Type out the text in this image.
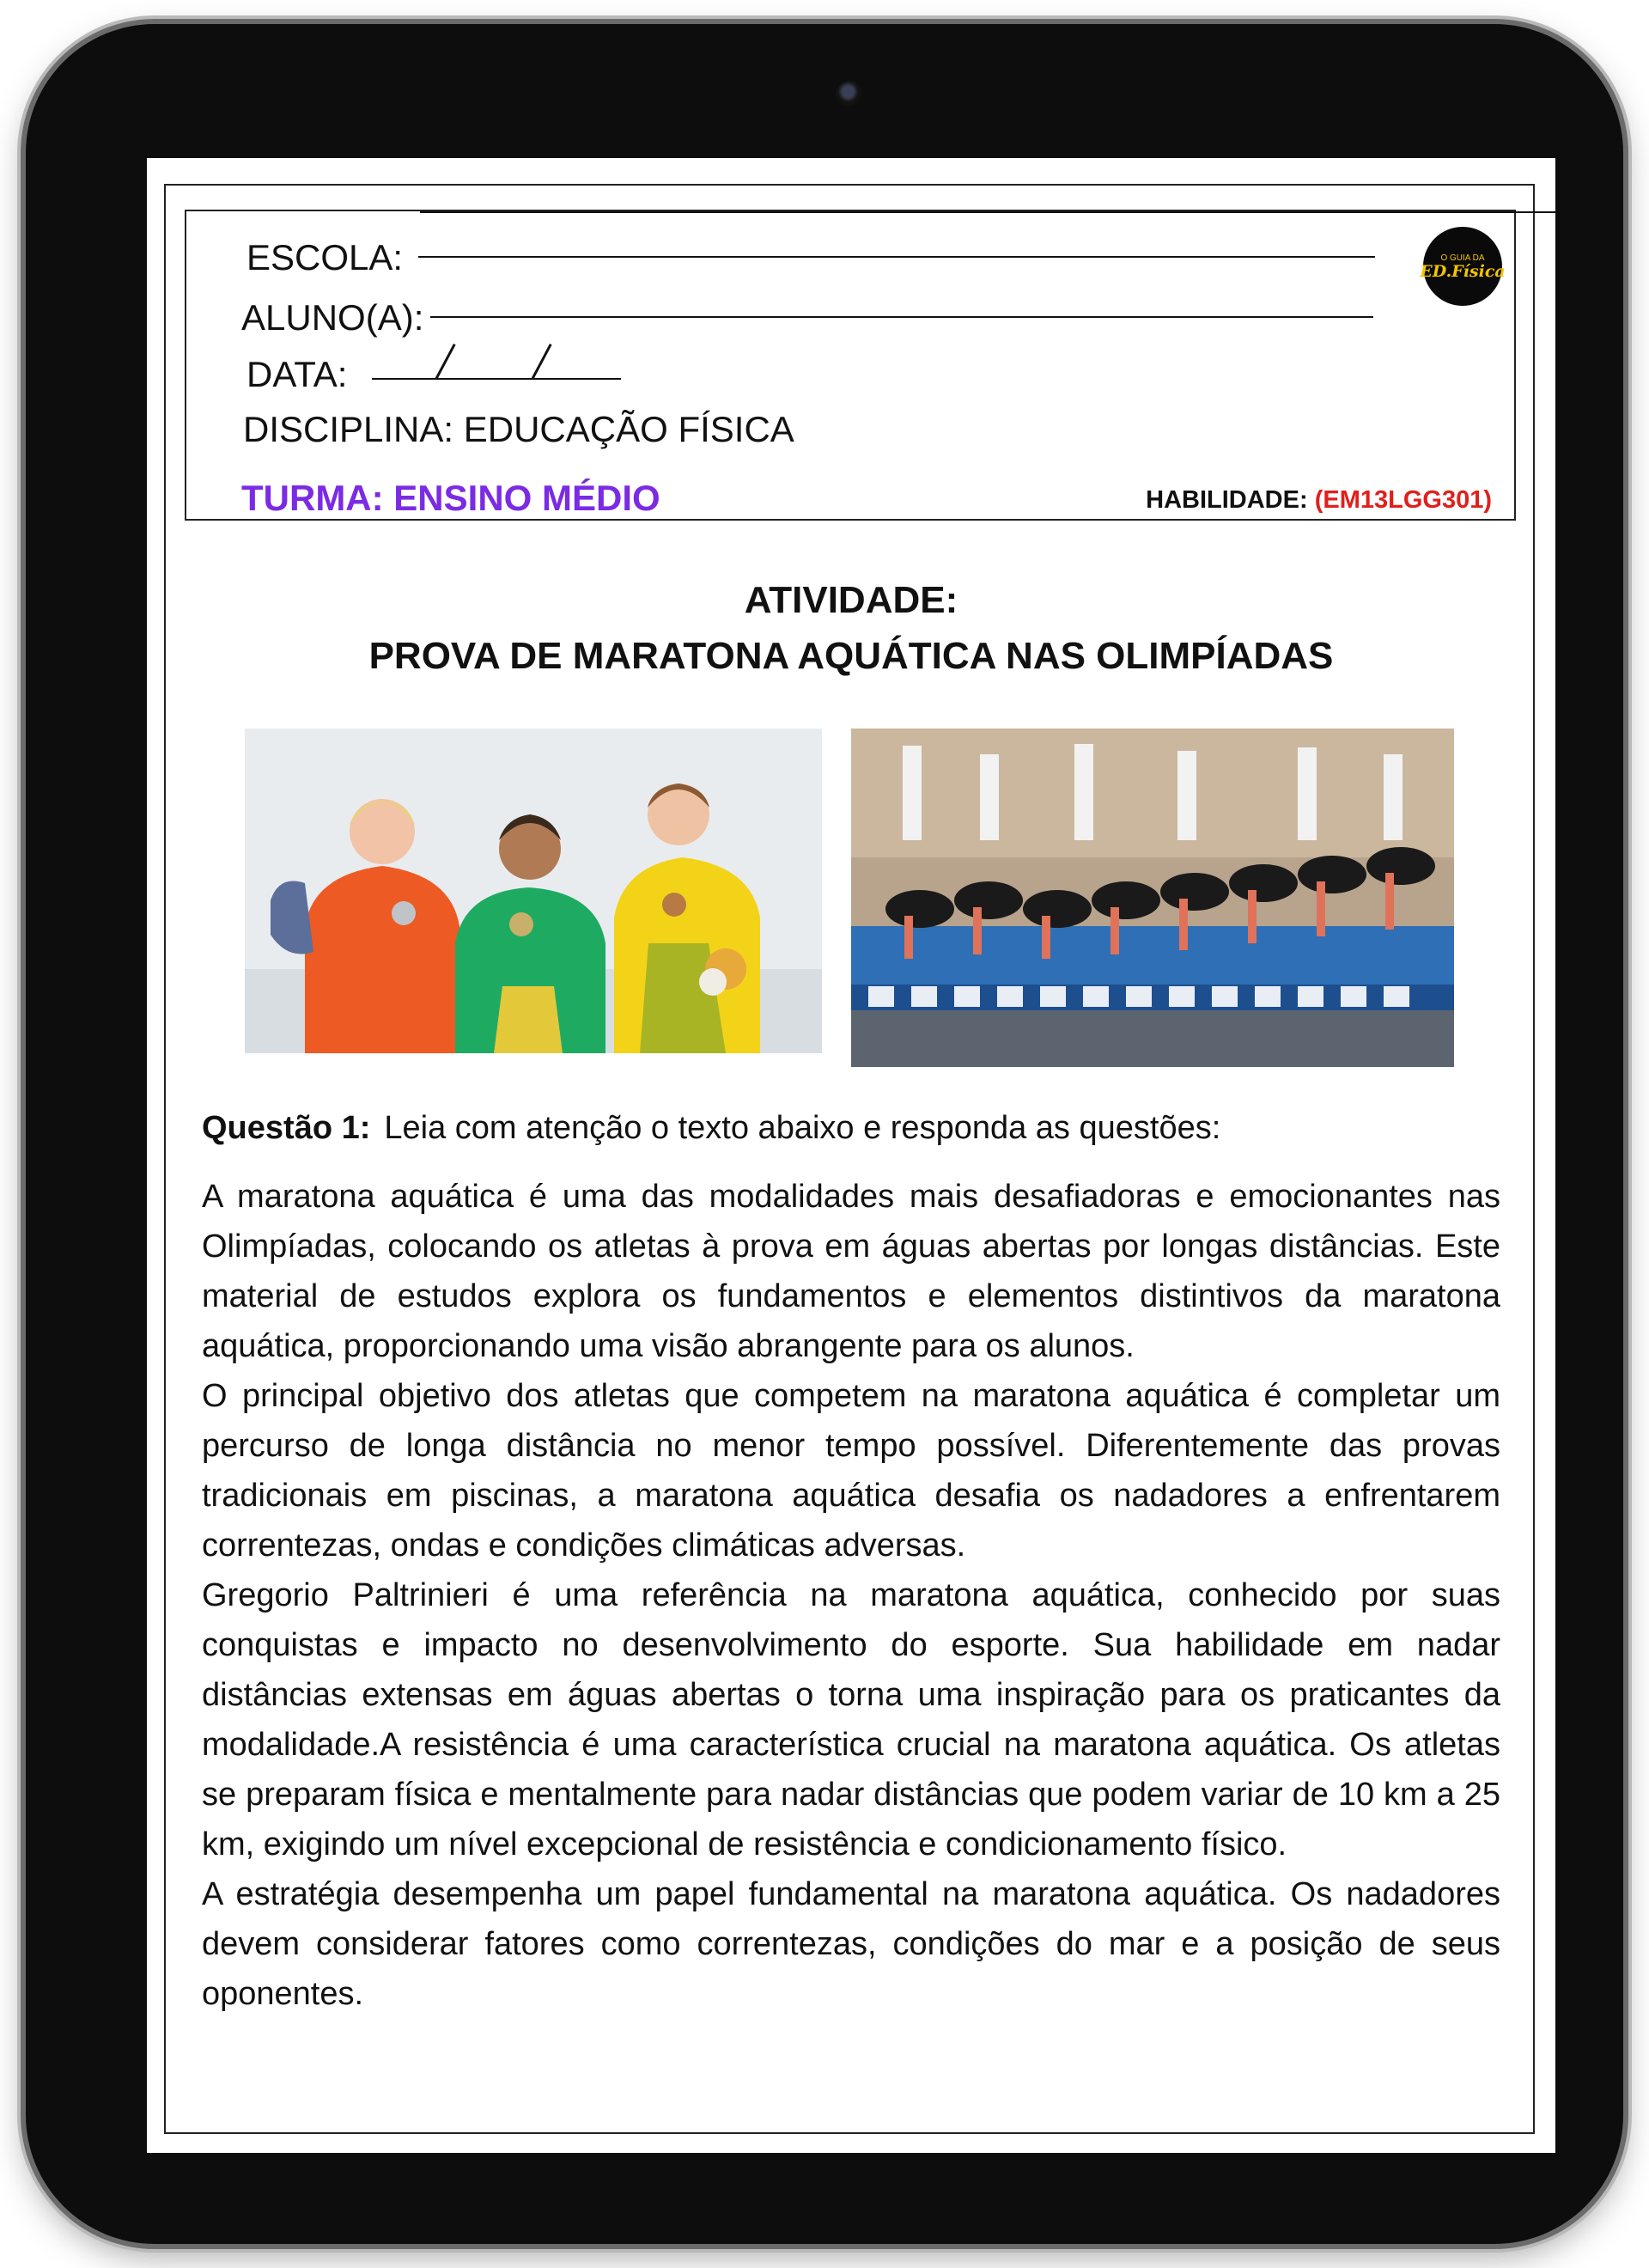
ESCOLA:
ALUNO(A):
DATA:
DISCIPLINA: EDUCAÇÃO FÍSICA
TURMA: ENSINO MÉDIO	HABILIDADE: (EM13LGG301)
O GUIA DA
ED.Física
ATIVIDADE:
PROVA DE MARATONA AQUÁTICA NAS OLIMPÍADAS
Questão 1: Leia com atenção o texto abaixo e responda as questões:

A maratona aquática é uma das modalidades mais desafiadoras e emocionantes nas Olimpíadas, colocando os atletas à prova em águas abertas por longas distâncias. Este material de estudos explora os fundamentos e elementos distintivos da maratona aquática, proporcionando uma visão abrangente para os alunos.

O principal objetivo dos atletas que competem na maratona aquática é completar um percurso de longa distância no menor tempo possível. Diferentemente das provas tradicionais em piscinas, a maratona aquática desafia os nadadores a enfrentarem correntezas, ondas e condições climáticas adversas.

Gregorio Paltrinieri é uma referência na maratona aquática, conhecido por suas conquistas e impacto no desenvolvimento do esporte. Sua habilidade em nadar distâncias extensas em águas abertas o torna uma inspiração para os praticantes da modalidade.A resistência é uma característica crucial na maratona aquática. Os atletas se preparam física e mentalmente para nadar distâncias que podem variar de 10 km a 25 km, exigindo um nível excepcional de resistência e condicionamento físico.

A estratégia desempenha um papel fundamental na maratona aquática. Os nadadores devem considerar fatores como correntezas, condições do mar e a posição de seus oponentes.
